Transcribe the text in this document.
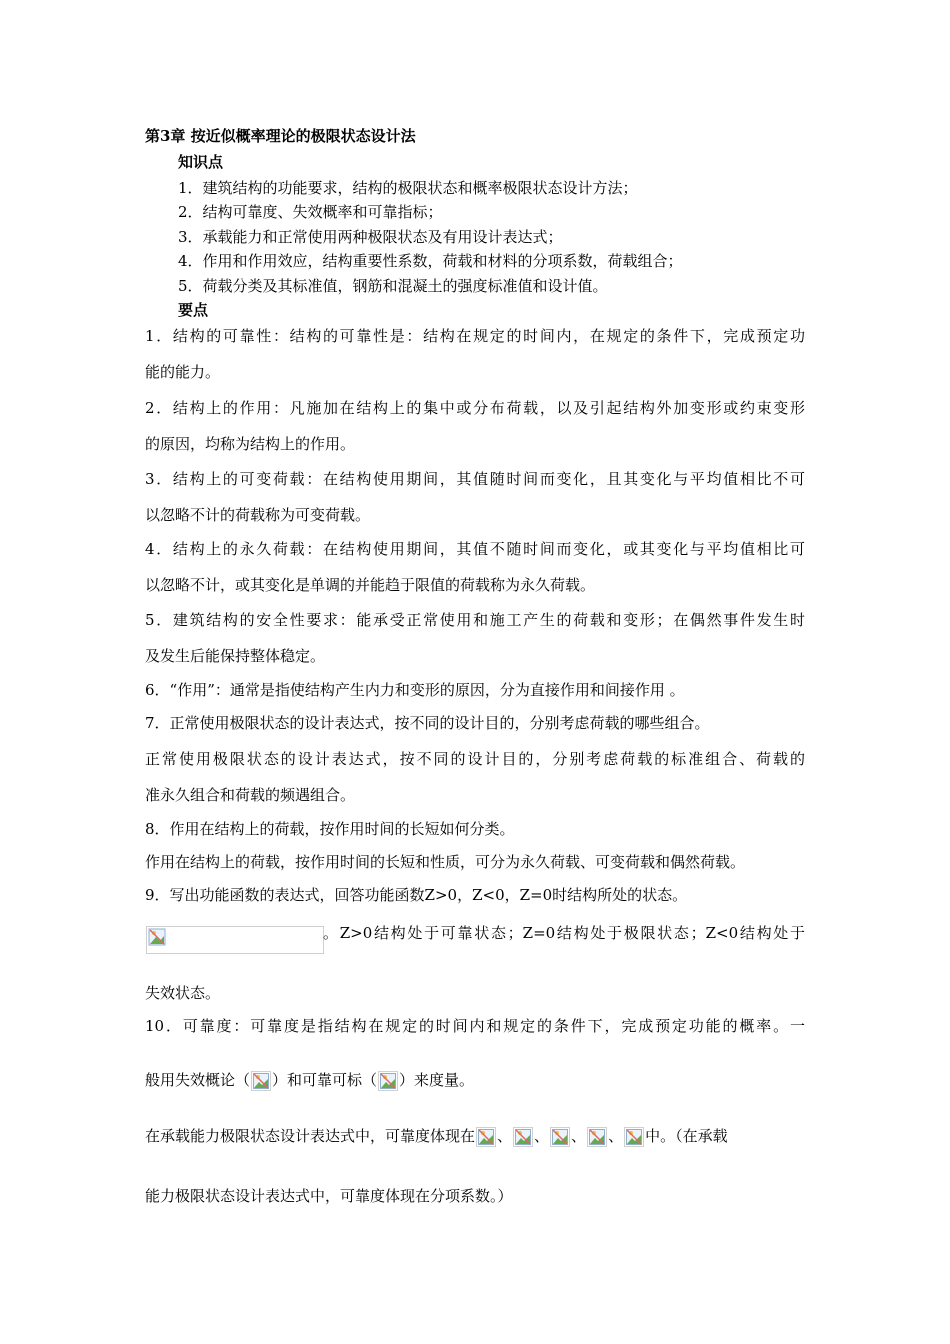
第3章 按近似概率理论的极限状态设计法
知识点
1．建筑结构的功能要求，结构的极限状态和概率极限状态设计方法；
2．结构可靠度、失效概率和可靠指标；
3．承载能力和正常使用两种极限状态及有用设计表达式；
4．作用和作用效应，结构重要性系数，荷载和材料的分项系数，荷载组合；
5．荷载分类及其标准值，钢筋和混凝土的强度标准值和设计值。
要点
1．结构的可靠性：结构的可靠性是：结构在规定的时间内，在规定的条件下，完成预定功
能的能力。
2．结构上的作用：凡施加在结构上的集中或分布荷载，以及引起结构外加变形或约束变形
的原因，均称为结构上的作用。
3．结构上的可变荷载：在结构使用期间，其值随时间而变化，且其变化与平均值相比不可
以忽略不计的荷载称为可变荷载。
4．结构上的永久荷载：在结构使用期间，其值不随时间而变化，或其变化与平均值相比可
以忽略不计，或其变化是单调的并能趋于限值的荷载称为永久荷载。
5．建筑结构的安全性要求：能承受正常使用和施工产生的荷载和变形；在偶然事件发生时
及发生后能保持整体稳定。
6．“作用”：通常是指使结构产生内力和变形的原因，分为直接作用和间接作用 。
7．正常使用极限状态的设计表达式，按不同的设计目的，分别考虑荷载的哪些组合。
正常使用极限状态的设计表达式，按不同的设计目的，分别考虑荷载的标准组合、荷载的
准永久组合和荷载的频遇组合。
8．作用在结构上的荷载，按作用时间的长短如何分类。
作用在结构上的荷载，按作用时间的长短和性质，可分为永久荷载、可变荷载和偶然荷载。
9．写出功能函数的表达式，回答功能函数Z>0，Z<0，Z=0时结构所处的状态。
。Z>0结构处于可靠状态；Z=0结构处于极限状态；Z<0结构处于
失效状态。
10．可靠度：可靠度是指结构在规定的时间内和规定的条件下，完成预定功能的概率。一
般用失效概论（ ）和可靠可标（ ）来度量。
在承载能力极限状态设计表达式中，可靠度体现在 、 、 、 、 中。（在承载
能力极限状态设计表达式中，可靠度体现在分项系数。）
